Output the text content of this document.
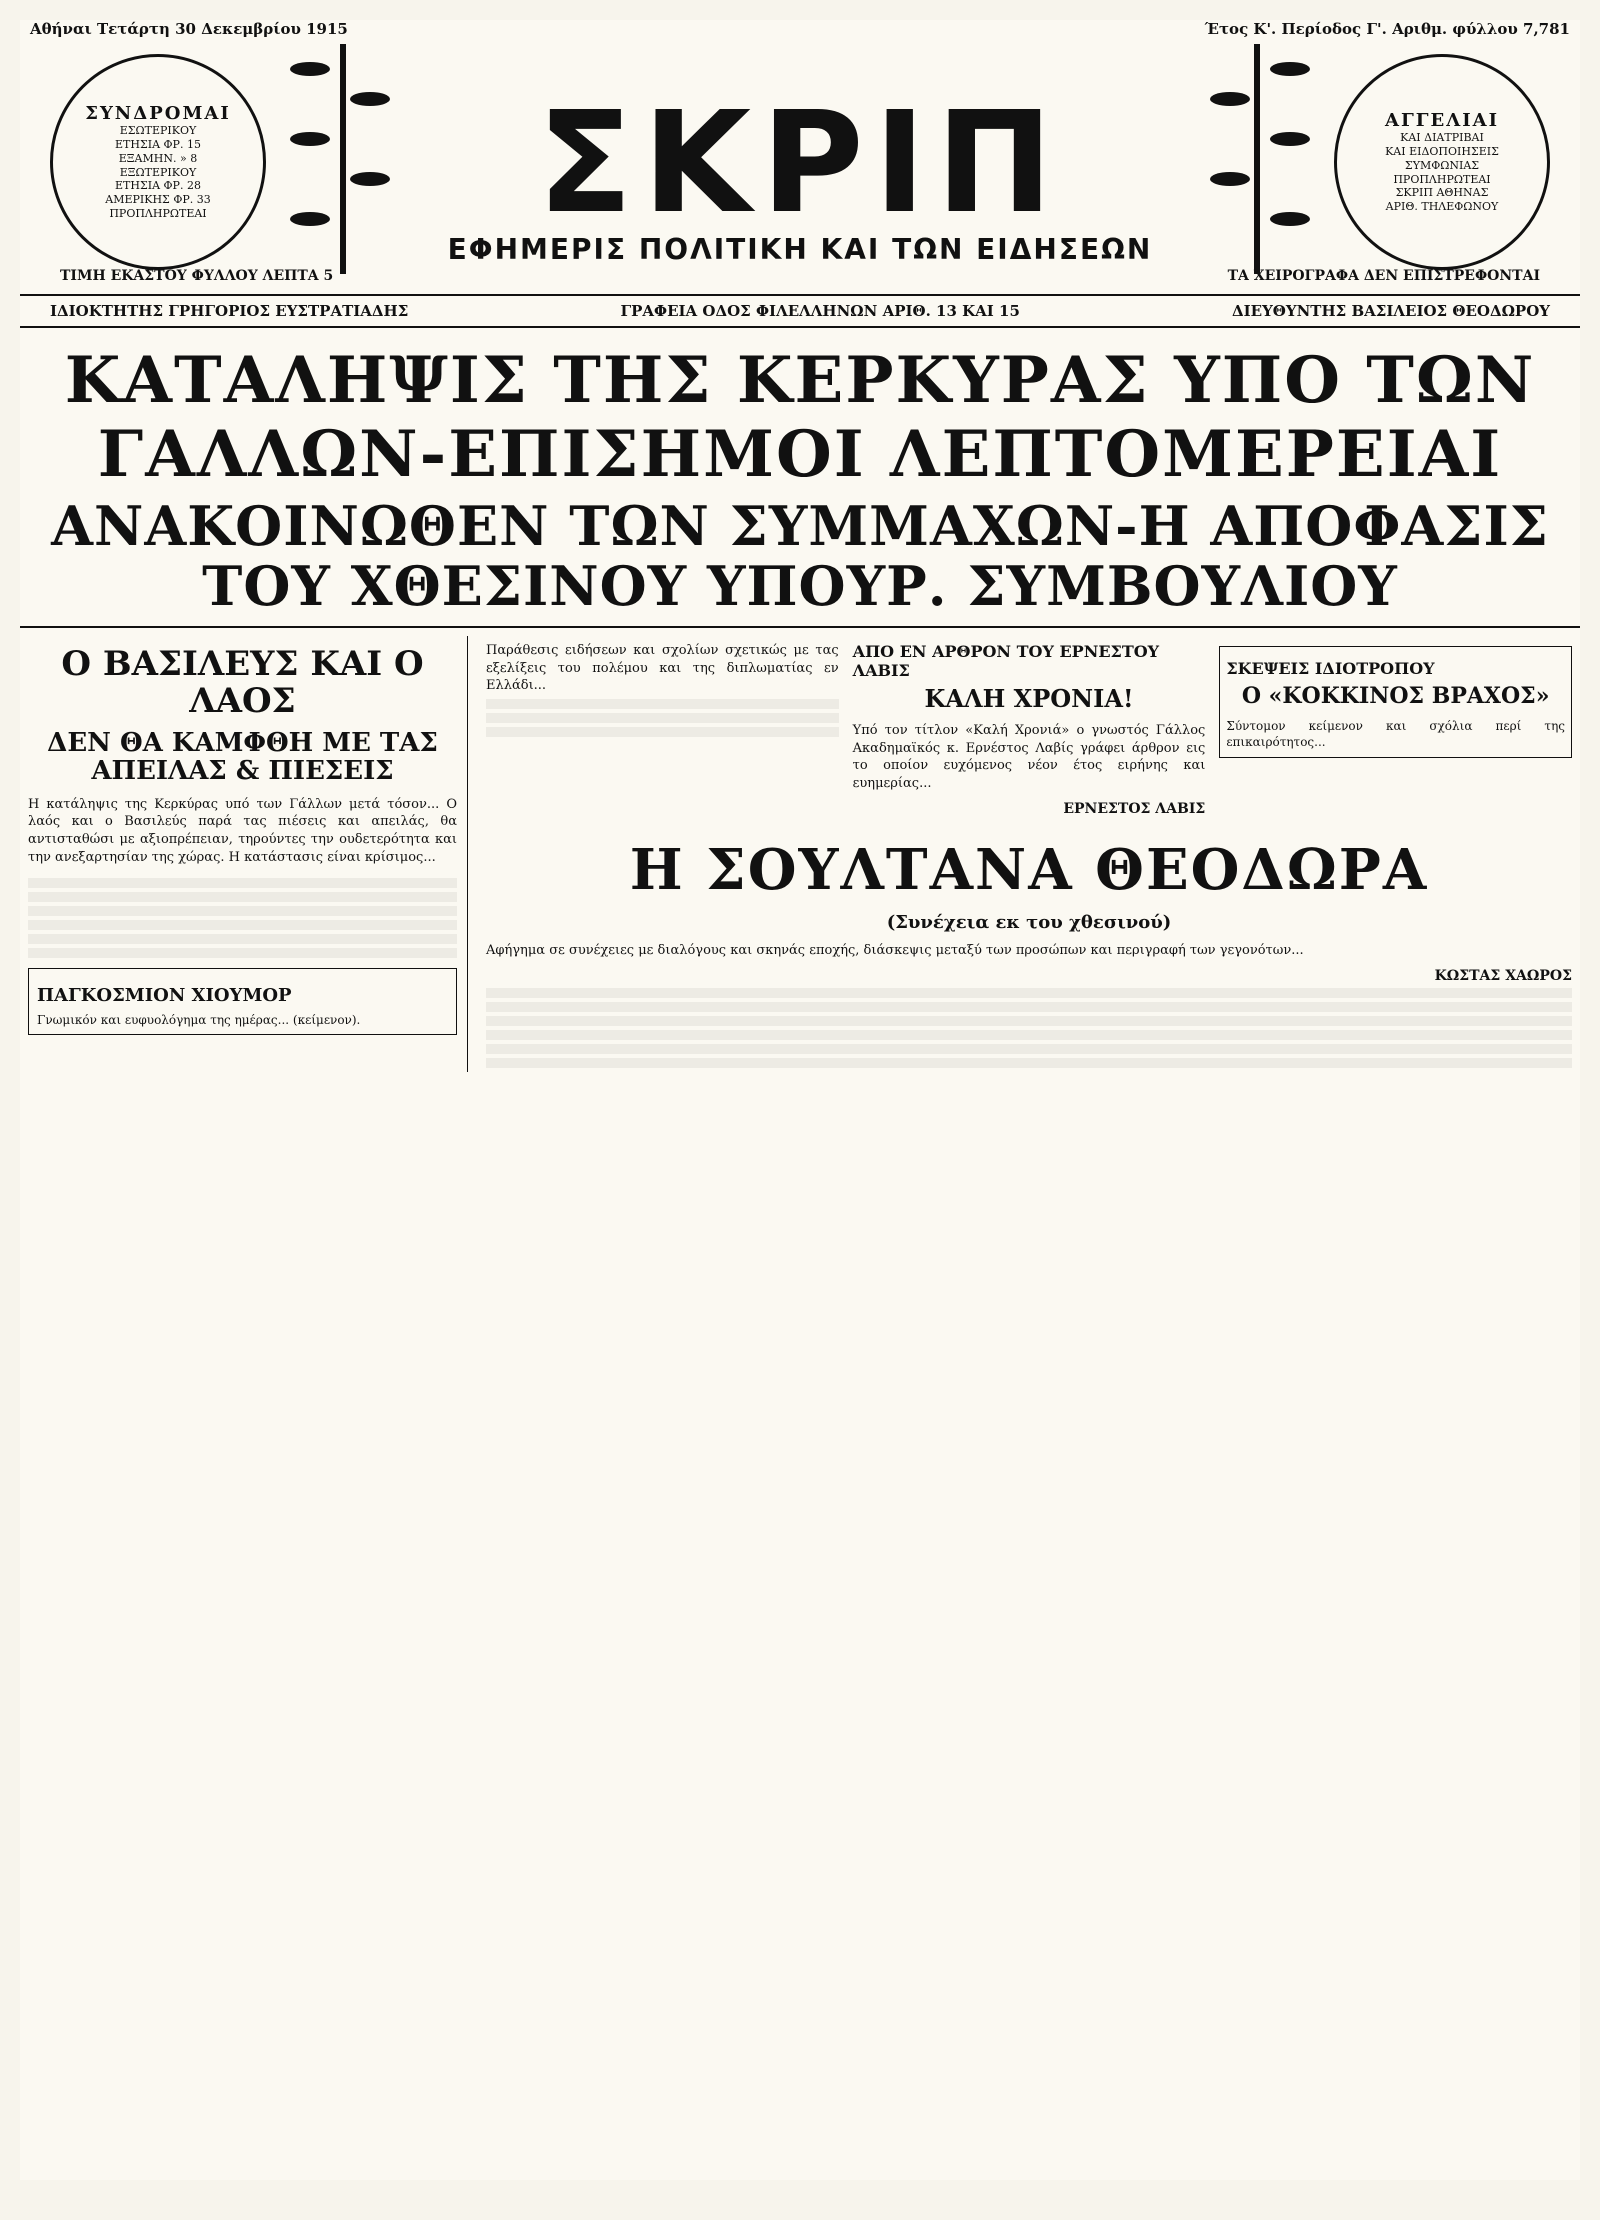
Αθήναι Τετάρτη 30 Δεκεμβρίου 1915	Έτος Κ'. Περίοδος Γ'. Αριθμ. φύλλου 7,781
ΣΥΝΔΡΟΜΑΙ
ΕΣΩΤΕΡΙΚΟΥ
ΕΤΗΣΙΑ ΦΡ. 15
ΕΞΑΜΗΝ. » 8
ΕΞΩΤΕΡΙΚΟΥ
ΕΤΗΣΙΑ ΦΡ. 28
ΑΜΕΡΙΚΗΣ ΦΡ. 33
ΠΡΟΠΛΗΡΩΤΕΑΙ ΣΚΡΙΠ	ΑΓΓΕΛΙΑΙ
ΚΑΙ ΔΙΑΤΡΙΒΑΙ
ΚΑΙ ΕΙΔΟΠΟΙΗΣΕΙΣ
ΣΥΜΦΩΝΙΑΣ
ΠΡΟΠΛΗΡΩΤΕΑΙ
ΣΚΡΙΠ ΑΘΗΝΑΣ
ΑΡΙΘ. ΤΗΛΕΦΩΝΟΥ
ΕΦΗΜΕΡΙΣ ΠΟΛΙΤΙΚΗ ΚΑΙ ΤΩΝ ΕΙΔΗΣΕΩΝ
ΤΙΜΗ ΕΚΑΣΤΟΥ ΦΥΛΛΟΥ ΛΕΠΤΑ 5	ΤΑ ΧΕΙΡΟΓΡΑΦΑ ΔΕΝ ΕΠΙΣΤΡΕΦΟΝΤΑΙ
ΙΔΙΟΚΤΗΤΗΣ ΓΡΗΓΟΡΙΟΣ ΕΥΣΤΡΑΤΙΑΔΗΣ	ΓΡΑΦΕΙΑ ΟΔΟΣ ΦΙΛΕΛΛΗΝΩΝ ΑΡΙΘ. 13 ΚΑΙ 15	ΔΙΕΥΘΥΝΤΗΣ ΒΑΣΙΛΕΙΟΣ ΘΕΟΔΩΡΟΥ
ΚΑΤΑΛΗΨΙΣ ΤΗΣ ΚΕΡΚΥΡΑΣ ΥΠΟ ΤΩΝ ΓΑΛΛΩΝ-ΕΠΙΣΗΜΟΙ ΛΕΠΤΟΜΕΡΕΙΑΙ
ΑΝΑΚΟΙΝΩΘΕΝ ΤΩΝ ΣΥΜΜΑΧΩΝ-Η ΑΠΟΦΑΣΙΣ ΤΟΥ ΧΘΕΣΙΝΟΥ ΥΠΟΥΡ. ΣΥΜΒΟΥΛΙΟΥ
Ο ΒΑΣΙΛΕΥΣ ΚΑΙ Ο ΛΑΟΣ
ΔΕΝ ΘΑ ΚΑΜΦΘΗ ΜΕ ΤΑΣ ΑΠΕΙΛΑΣ & ΠΙΕΣΕΙΣ
Η κατάληψις της Κερκύρας υπό των Γάλλων μετά τόσον... Ο λαός και ο Βασιλεύς παρά τας πιέσεις και απειλάς, θα αντισταθώσι με αξιοπρέπειαν, τηρούντες την ουδετερότητα και την ανεξαρτησίαν της χώρας. Η κατάστασις είναι κρίσιμος...
ΠΑΓΚΟΣΜΙΟΝ ΧΙΟΥΜΟΡ
Γνωμικόν και ευφυολόγημα της ημέρας... (κείμενον).
Παράθεσις ειδήσεων και σχολίων σχετικώς με τας εξελίξεις του πολέμου και της διπλωματίας εν Ελλάδι...
ΑΠΟ ΕΝ ΑΡΘΡΟΝ ΤΟΥ ΕΡΝΕΣΤΟΥ ΛΑΒΙΣ
ΚΑΛΗ ΧΡΟΝΙΑ!
Υπό τον τίτλον «Καλή Χρονιά» ο γνωστός Γάλλος Ακαδημαϊκός κ. Ερνέστος Λαβίς γράφει άρθρον εις το οποίον ευχόμενος νέον έτος ειρήνης και ευημερίας...
ΕΡΝΕΣΤΟΣ ΛΑΒΙΣ
ΣΚΕΨΕΙΣ ΙΔΙΟΤΡΟΠΟΥ
Ο «ΚΟΚΚΙΝΟΣ ΒΡΑΧΟΣ»
Σύντομον κείμενον και σχόλια περί της επικαιρότητος...
Η ΣΟΥΛΤΑΝΑ ΘΕΟΔΩΡΑ
(Συνέχεια εκ του χθεσινού)
Αφήγημα σε συνέχειες με διαλόγους και σκηνάς εποχής, διάσκεψις μεταξύ των προσώπων και περιγραφή των γεγονότων...
ΚΩΣΤΑΣ ΧΑΩΡΟΣ
